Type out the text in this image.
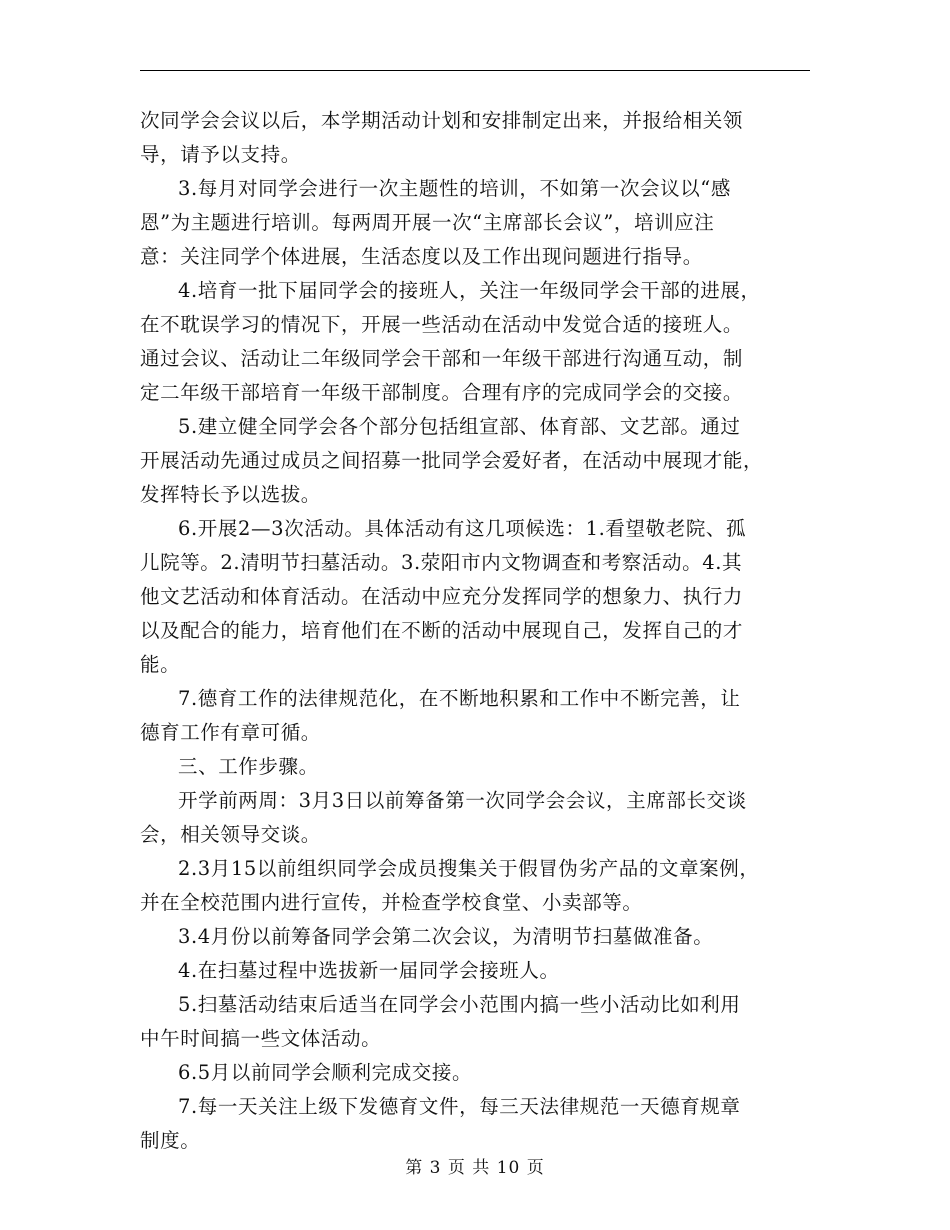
次同学会会议以后，本学期活动计划和安排制定出来，并报给相关领
导，请予以支持。
3.每月对同学会进行一次主题性的培训，不如第一次会议以“感
恩”为主题进行培训。每两周开展一次“主席部长会议”，培训应注
意：关注同学个体进展，生活态度以及工作出现问题进行指导。
4.培育一批下届同学会的接班人，关注一年级同学会干部的进展，
在不耽误学习的情况下，开展一些活动在活动中发觉合适的接班人。
通过会议、活动让二年级同学会干部和一年级干部进行沟通互动，制
定二年级干部培育一年级干部制度。合理有序的完成同学会的交接。
5.建立健全同学会各个部分包括组宣部、体育部、文艺部。通过
开展活动先通过成员之间招募一批同学会爱好者，在活动中展现才能，
发挥特长予以选拔。
6.开展2—3次活动。具体活动有这几项候选：1.看望敬老院、孤
儿院等。2.清明节扫墓活动。3.荥阳市内文物调查和考察活动。4.其
他文艺活动和体育活动。在活动中应充分发挥同学的想象力、执行力
以及配合的能力，培育他们在不断的活动中展现自己，发挥自己的才
能。
7.德育工作的法律规范化，在不断地积累和工作中不断完善，让
德育工作有章可循。
三、工作步骤。
开学前两周：3月3日以前筹备第一次同学会会议，主席部长交谈
会，相关领导交谈。
2.3月15以前组织同学会成员搜集关于假冒伪劣产品的文章案例，
并在全校范围内进行宣传，并检查学校食堂、小卖部等。
3.4月份以前筹备同学会第二次会议，为清明节扫墓做准备。
4.在扫墓过程中选拔新一届同学会接班人。
5.扫墓活动结束后适当在同学会小范围内搞一些小活动比如利用
中午时间搞一些文体活动。
6.5月以前同学会顺利完成交接。
7.每一天关注上级下发德育文件，每三天法律规范一天德育规章
制度。
第 3 页 共 10 页
